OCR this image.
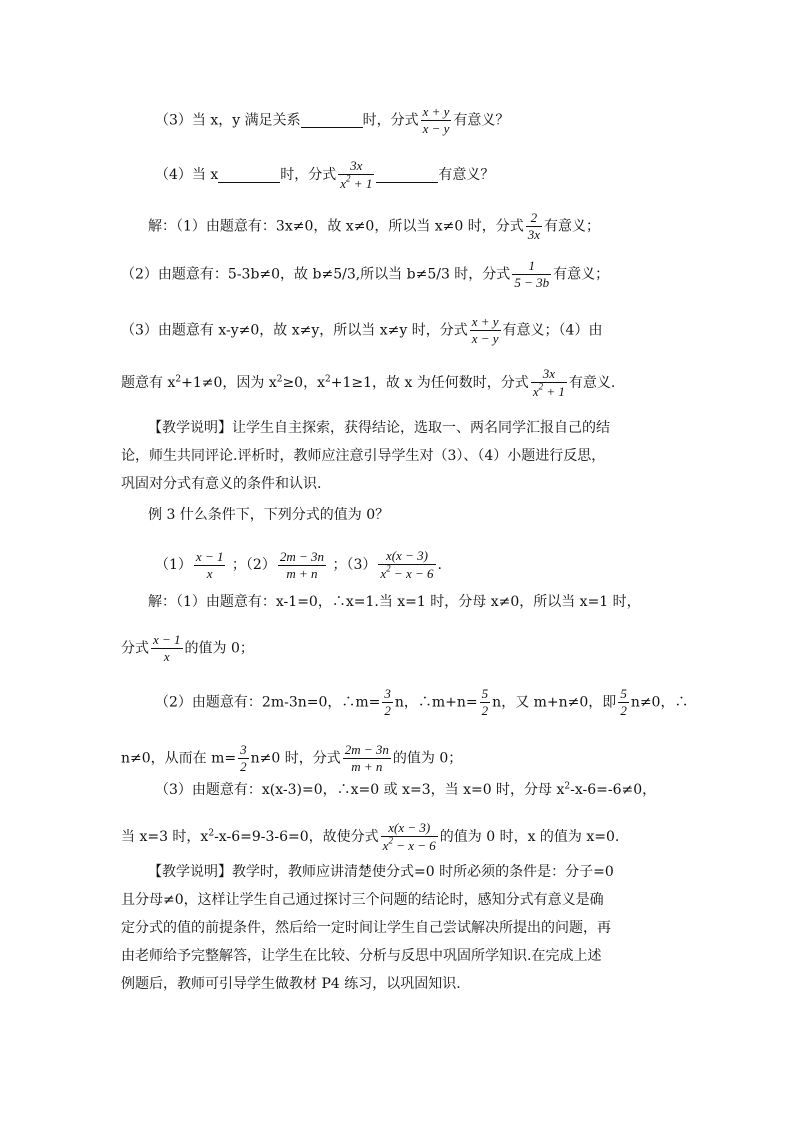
（3）当 x，y 满足关系	时，分式 $\frac{x + y}{x - y}$ 有意义？
（4）当 x	时，分式 $\frac{3x}{x^2 + 1}$	有意义？
解：（1）由题意有：3x≠0，故 x≠0，所以当 x≠0 时，分式 $\frac{2}{3x}$ 有意义；
（2）由题意有：5-3b≠0，故 b≠5/3,所以当 b≠5/3 时，分式 $\frac{1}{5 - 3b}$ 有意义；
（3）由题意有 x-y≠0，故 x≠y，所以当 x≠y 时，分式 $\frac{x + y}{x - y}$ 有意义；（4）由
题意有 $x^2+1\ne 0$，因为 $x^2\ge 0$，$x^2+1\ge 1$，故 x 为任何数时，分式 $\frac{3x}{x^2 + 1}$ 有意义.
【教学说明】让学生自主探索，获得结论，选取一、两名同学汇报自己的结
论，师生共同评论.评析时，教师应注意引导学生对（3）、（4）小题进行反思，
巩固对分式有意义的条件和认识.
例 3 什么条件下，下列分式的值为 0？
$(1) \frac{x - 1}{x}$ ；$(2) \frac{2m - 3n}{m + n}$ ；$(3) \frac{x(x - 3)}{x^2 - x - 6}$ .
解：（1）由题意有：x-1=0，∴x=1.当 x=1 时，分母 x≠0，所以当 x=1 时，
分式 $\frac{x - 1}{x}$ 的值为 0；
（2）由题意有：2m-3n=0，∴m= $\frac{3}{2}$ n，∴m+n= $\frac{5}{2}$ n，又 m+n≠0，即 $\frac{5}{2} n\ne 0$，∴
n≠0，从而在 $m= \frac{3}{2} n\ne 0$ 时，分式 $\frac{2m - 3n}{m + n}$ 的值为 0；
（3）由题意有：x(x-3)=0，∴x=0 或 x=3，当 x=0 时，分母 $x^2-x-6=-6\ne 0$，
当 x=3 时，$x^2-x-6=9-3-6=0$，故使分式 $\frac{x(x - 3)}{x^2 - x - 6}$ 的值为 0 时，x 的值为 x=0.
【教学说明】教学时，教师应讲清楚使分式=0 时所必须的条件是：分子=0
且分母≠0，这样让学生自己通过探讨三个问题的结论时，感知分式有意义是确
定分式的值的前提条件，然后给一定时间让学生自己尝试解决所提出的问题，再
由老师给予完整解答，让学生在比较、分析与反思中巩固所学知识.在完成上述
例题后，教师可引导学生做教材 P4 练习，以巩固知识.
